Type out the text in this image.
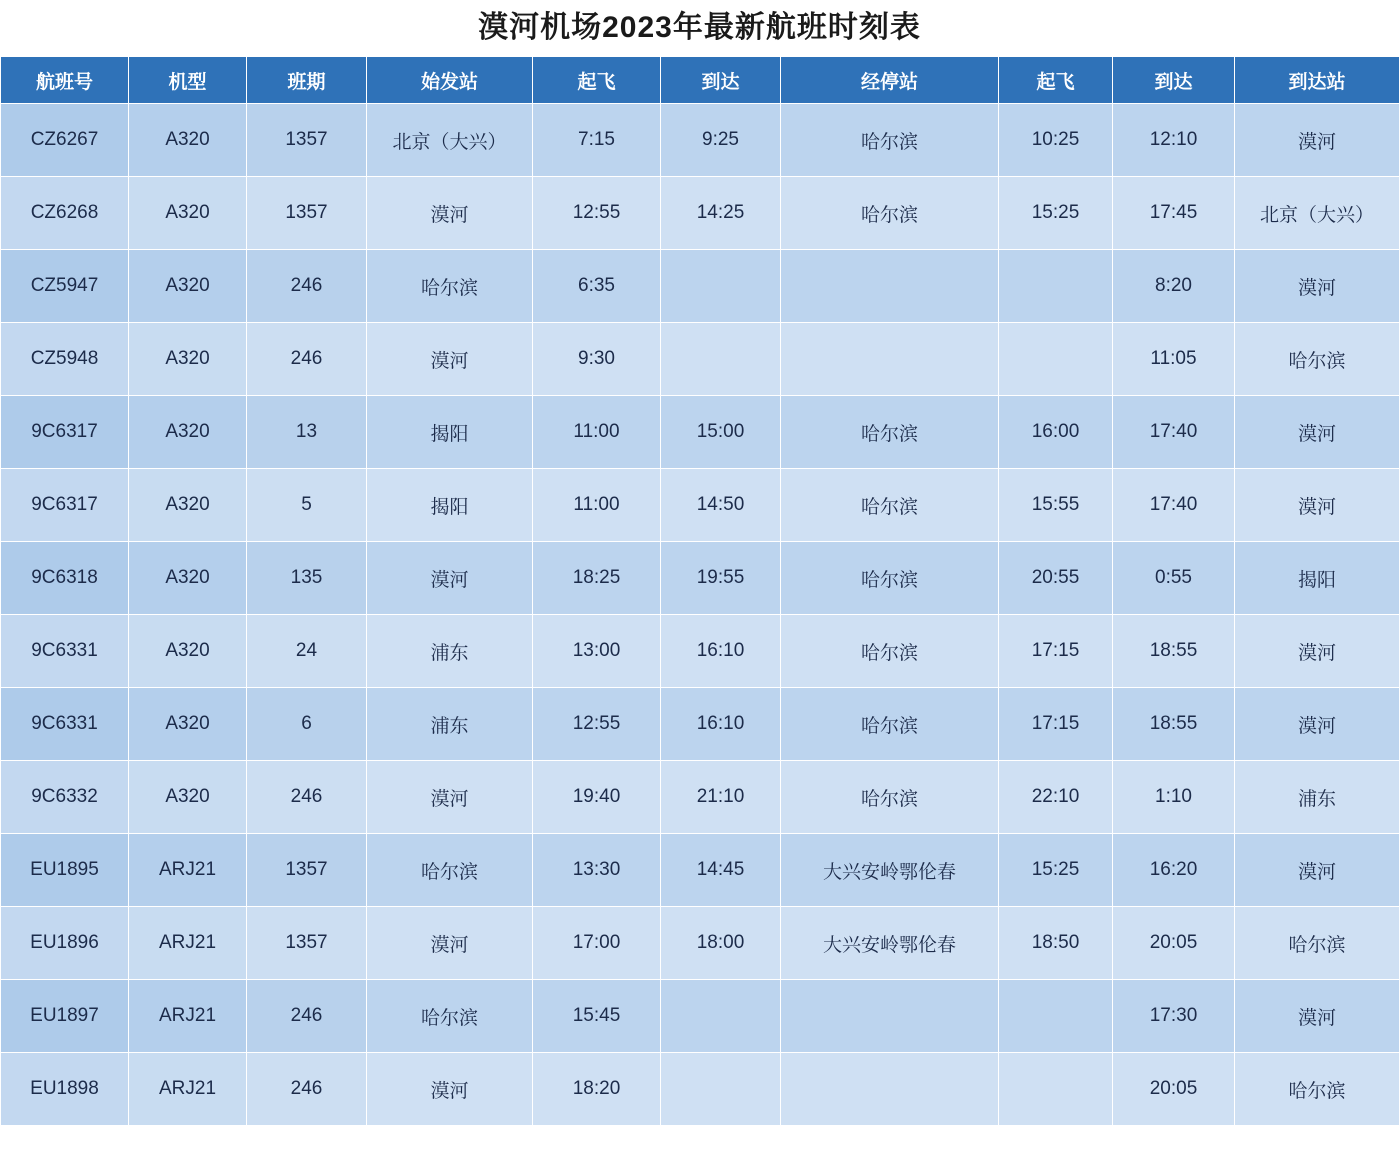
漠河机场2023年最新航班时刻表
航班号	机型	班期	始发站	起飞	到达	经停站	起飞	到达	到达站
CZ6267	A320	1357	北京（大兴）	7:15	9:25	哈尔滨	10:25	12:10	漠河
CZ6268	A320	1357	漠河	12:55	14:25	哈尔滨	15:25	17:45	北京（大兴）
CZ5947	A320	246	哈尔滨	6:35				8:20	漠河
CZ5948	A320	246	漠河	9:30				11:05	哈尔滨
9C6317	A320	13	揭阳	11:00	15:00	哈尔滨	16:00	17:40	漠河
9C6317	A320	5	揭阳	11:00	14:50	哈尔滨	15:55	17:40	漠河
9C6318	A320	135	漠河	18:25	19:55	哈尔滨	20:55	0:55	揭阳
9C6331	A320	24	浦东	13:00	16:10	哈尔滨	17:15	18:55	漠河
9C6331	A320	6	浦东	12:55	16:10	哈尔滨	17:15	18:55	漠河
9C6332	A320	246	漠河	19:40	21:10	哈尔滨	22:10	1:10	浦东
EU1895	ARJ21	1357	哈尔滨	13:30	14:45	大兴安岭鄂伦春	15:25	16:20	漠河
EU1896	ARJ21	1357	漠河	17:00	18:00	大兴安岭鄂伦春	18:50	20:05	哈尔滨
EU1897	ARJ21	246	哈尔滨	15:45				17:30	漠河
EU1898	ARJ21	246	漠河	18:20				20:05	哈尔滨
